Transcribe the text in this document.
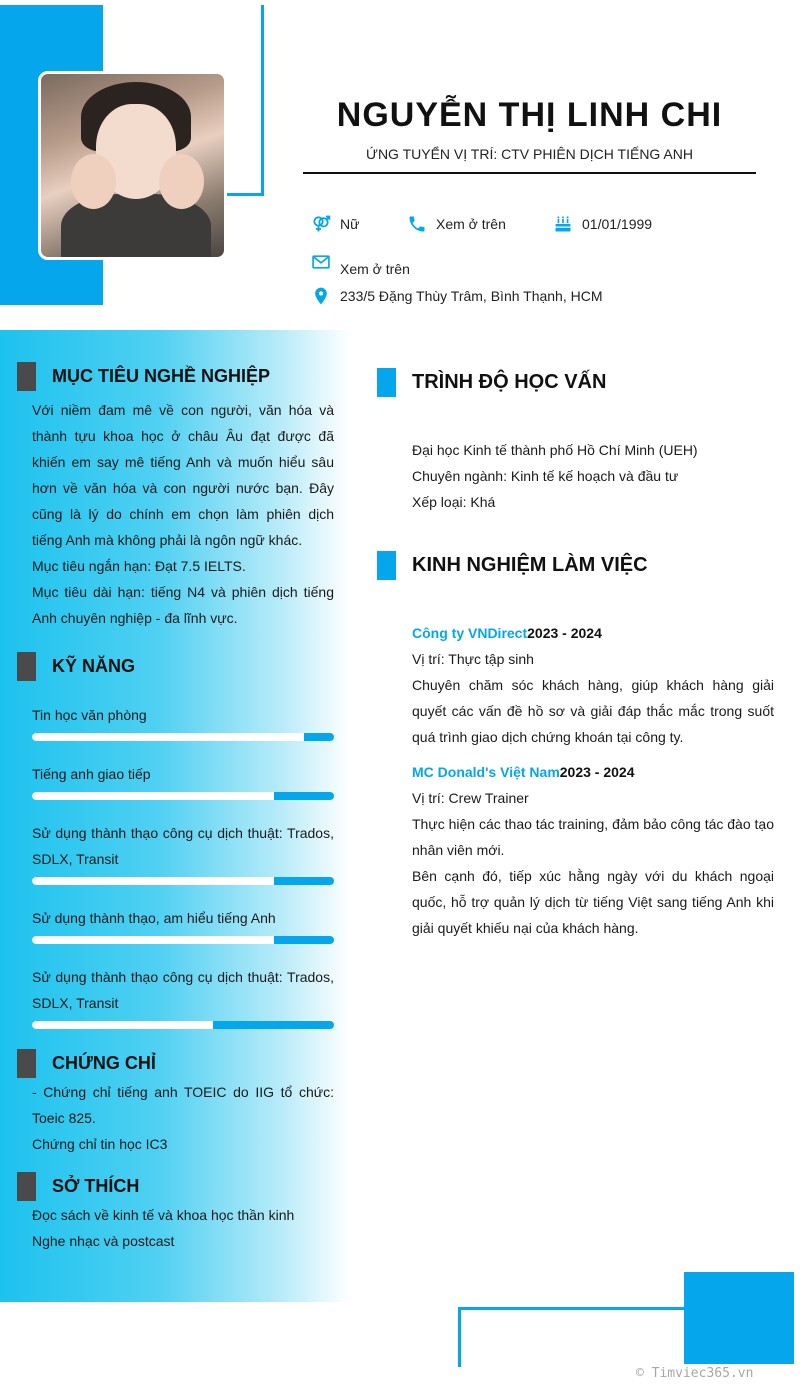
NGUYỄN THỊ LINH CHI
ỨNG TUYỂN VỊ TRÍ: CTV PHIÊN DỊCH TIẾNG ANH
Nữ	Xem ở trên	01/01/1999
Xem ở trên
233/5 Đặng Thùy Trâm, Bình Thạnh, HCM
MỤC TIÊU NGHỀ NGHIỆP

Với niềm đam mê về con người, văn hóa và thành tựu khoa học ở châu Âu đạt được đã khiến em say mê tiếng Anh và muốn hiểu sâu hơn về văn hóa và con người nước bạn. Đây cũng là lý do chính em chọn làm phiên dịch tiếng Anh mà không phải là ngôn ngữ khác.

Mục tiêu ngắn hạn: Đạt 7.5 IELTS.

Mục tiêu dài hạn: tiếng N4 và phiên dịch tiếng Anh chuyên nghiệp - đa lĩnh vực.

KỸ NĂNG
Tin học văn phòng
Tiếng anh giao tiếp
Sử dụng thành thạo công cụ dịch thuật: Trados, SDLX, Transit
Sử dụng thành thạo, am hiểu tiếng Anh
Sử dụng thành thạo công cụ dịch thuật: Trados, SDLX, Transit
CHỨNG CHỈ

- Chứng chỉ tiếng anh TOEIC do IIG tổ chức: Toeic 825.

Chứng chỉ tin học IC3

SỞ THÍCH

Đọc sách về kinh tế và khoa học thần kinh

Nghe nhạc và postcast

TRÌNH ĐỘ HỌC VẤN

Đại học Kinh tế thành phố Hồ Chí Minh (UEH)

Chuyên ngành: Kinh tế kế hoạch và đầu tư

Xếp loại: Khá

KINH NGHIỆM LÀM VIỆC

Công ty VNDirect2023 - 2024

Vị trí: Thực tập sinh

Chuyên chăm sóc khách hàng, giúp khách hàng giải quyết các vấn đề hồ sơ và giải đáp thắc mắc trong suốt quá trình giao dịch chứng khoán tại công ty.

MC Donald's Việt Nam2023 - 2024

Vị trí: Crew Trainer

Thực hiện các thao tác training, đảm bảo công tác đào tạo nhân viên mới.

Bên cạnh đó, tiếp xúc hằng ngày với du khách ngoại quốc, hỗ trợ quản lý dịch từ tiếng Việt sang tiếng Anh khi giải quyết khiếu nại của khách hàng.

© Timviec365.vn
